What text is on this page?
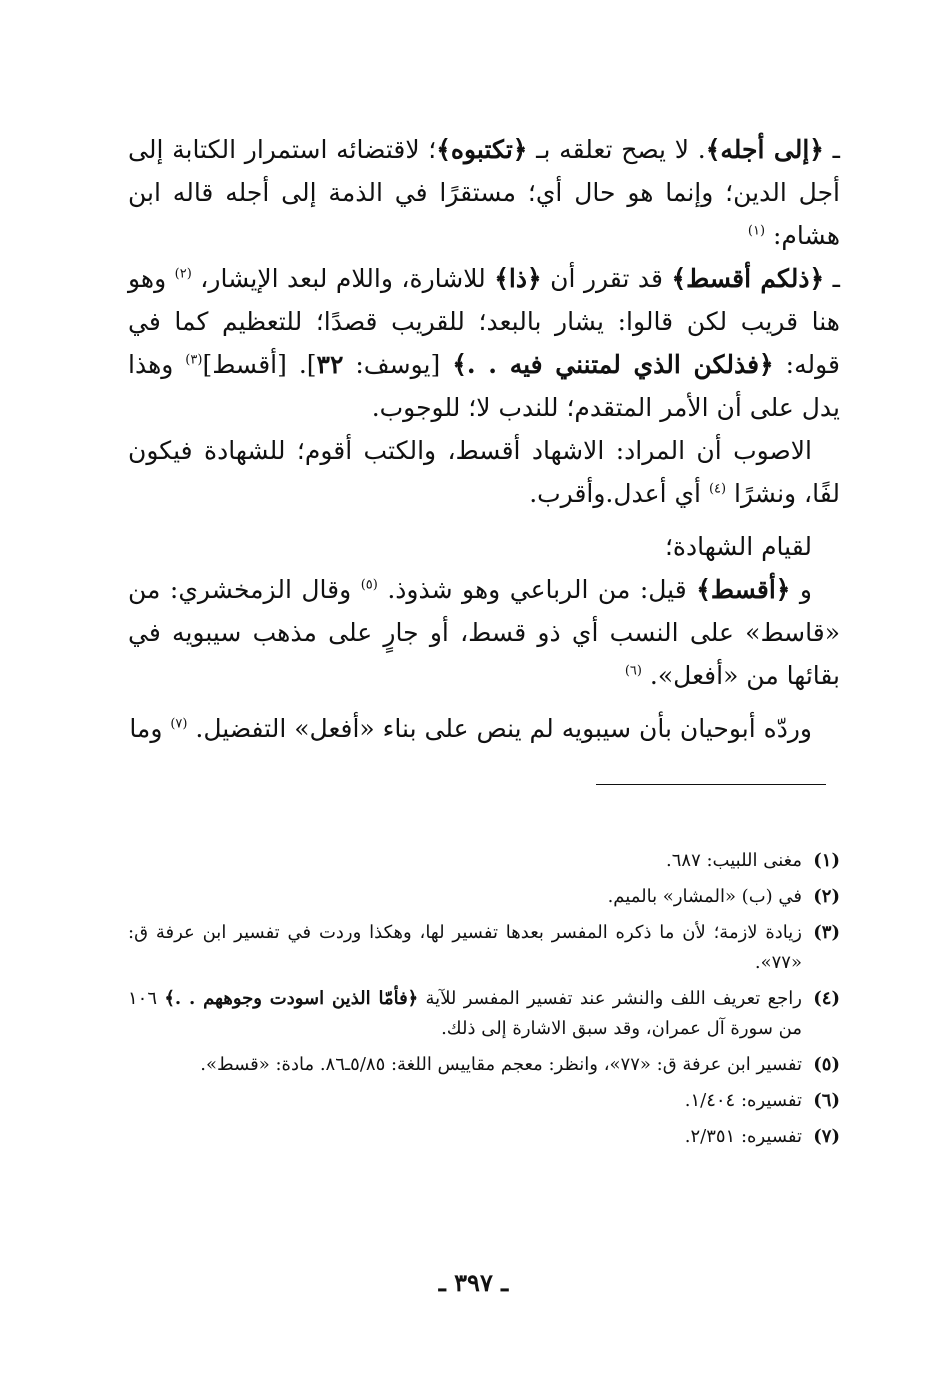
ـ ﴿إلى أجله﴾. لا يصح تعلقه بـ ﴿تكتبوه﴾؛ لاقتضائه استمرار الكتابة إلى أجل الدين؛ وإنما هو حال أي؛ مستقرًا في الذمة إلى أجله قاله ابن هشام: $^{(١)}$

ـ ﴿ذلكم أقسط﴾ قد تقرر أن ﴿ذا﴾ للاشارة، واللام لبعد الإيشار، $^{(٢)}$ وهو هنا قريب لكن قالوا: يشار بالبعد؛ للقريب قصدًا؛ للتعظيم كما في قوله: ﴿فذلكن الذي لمتنني فيه . .﴾ [يوسف: ٣٢]. [أقسط]$^{(٣)}$ وهذا يدل على أن الأمر المتقدم؛ للندب لا؛ للوجوب.

الاصوب أن المراد: الاشهاد أقسط، والكتب أقوم؛ للشهادة فيكون لفًا، ونشرًا $^{(٤)}$ أي أعدل.وأقرب.

لقيام الشهادة؛

و ﴿أقسط﴾ قيل: من الرباعي وهو شذوذ. $^{(٥)}$ وقال الزمخشري: من «قاسط» على النسب أي ذو قسط، أو جارٍ على مذهب سيبويه في بقائها من «أفعل». $^{(٦)}$

وردّه أبوحيان بأن سيبويه لم ينص على بناء «أفعل» التفضيل. $^{(٧)}$ وما

(١)
مغنى اللبيب: ٦٨٧.
(٢)
في (ب) «المشار» بالميم.
(٣)
زيادة لازمة؛ لأن ما ذكره المفسر بعدها تفسير لها، وهكذا وردت في تفسير ابن عرفة ق: «٧٧».
(٤)
راجع تعريف اللف والنشر عند تفسير المفسر للآية ﴿فأمّا الذين اسودت وجوههم . .﴾ ١٠٦ من سورة آل عمران، وقد سبق الاشارة إلى ذلك.
(٥)
تفسير ابن عرفة ق: «٧٧»، وانظر: معجم مقاييس اللغة: ٥/٨٥ـ٨٦. مادة: «قسط».
(٦)
تفسيره: ١/٤٠٤.
(٧)
تفسيره: ٢/٣٥١.
ـ ٣٩٧ ـ
